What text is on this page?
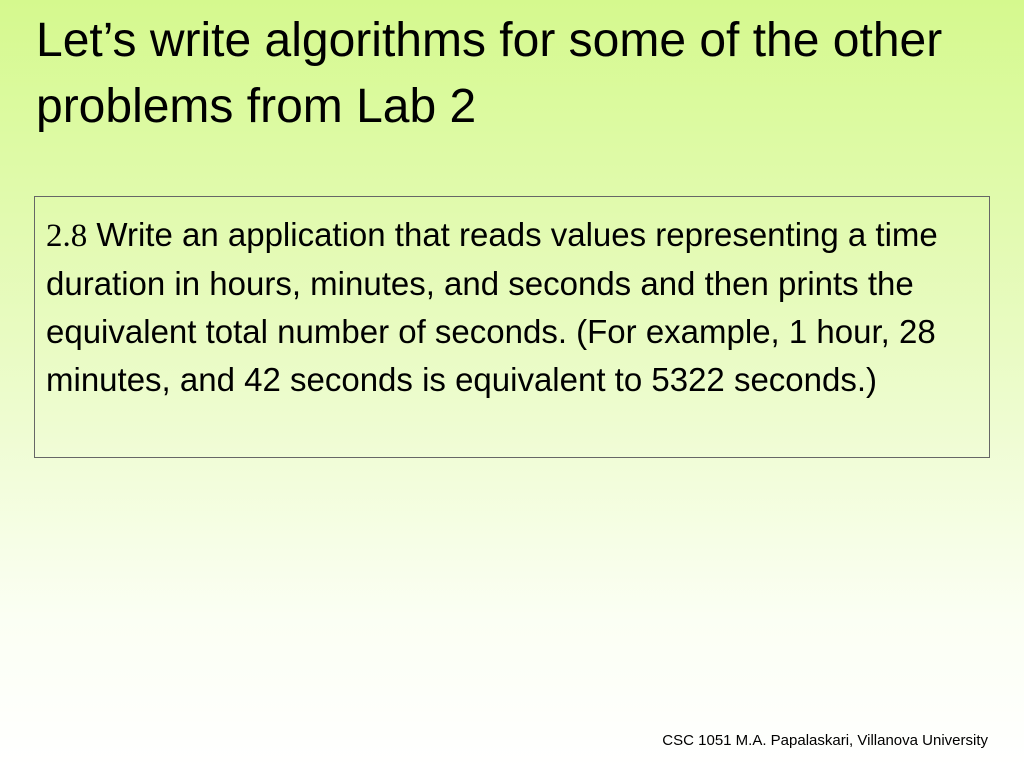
Let’s write algorithms for some of the other problems from Lab 2

2.8 Write an application that reads values representing a time duration in hours, minutes, and seconds and then prints the equivalent total number of seconds. (For example, 1 hour, 28 minutes, and 42 seconds is equivalent to 5322 seconds.)

CSC 1051 M.A. Papalaskari, Villanova University
